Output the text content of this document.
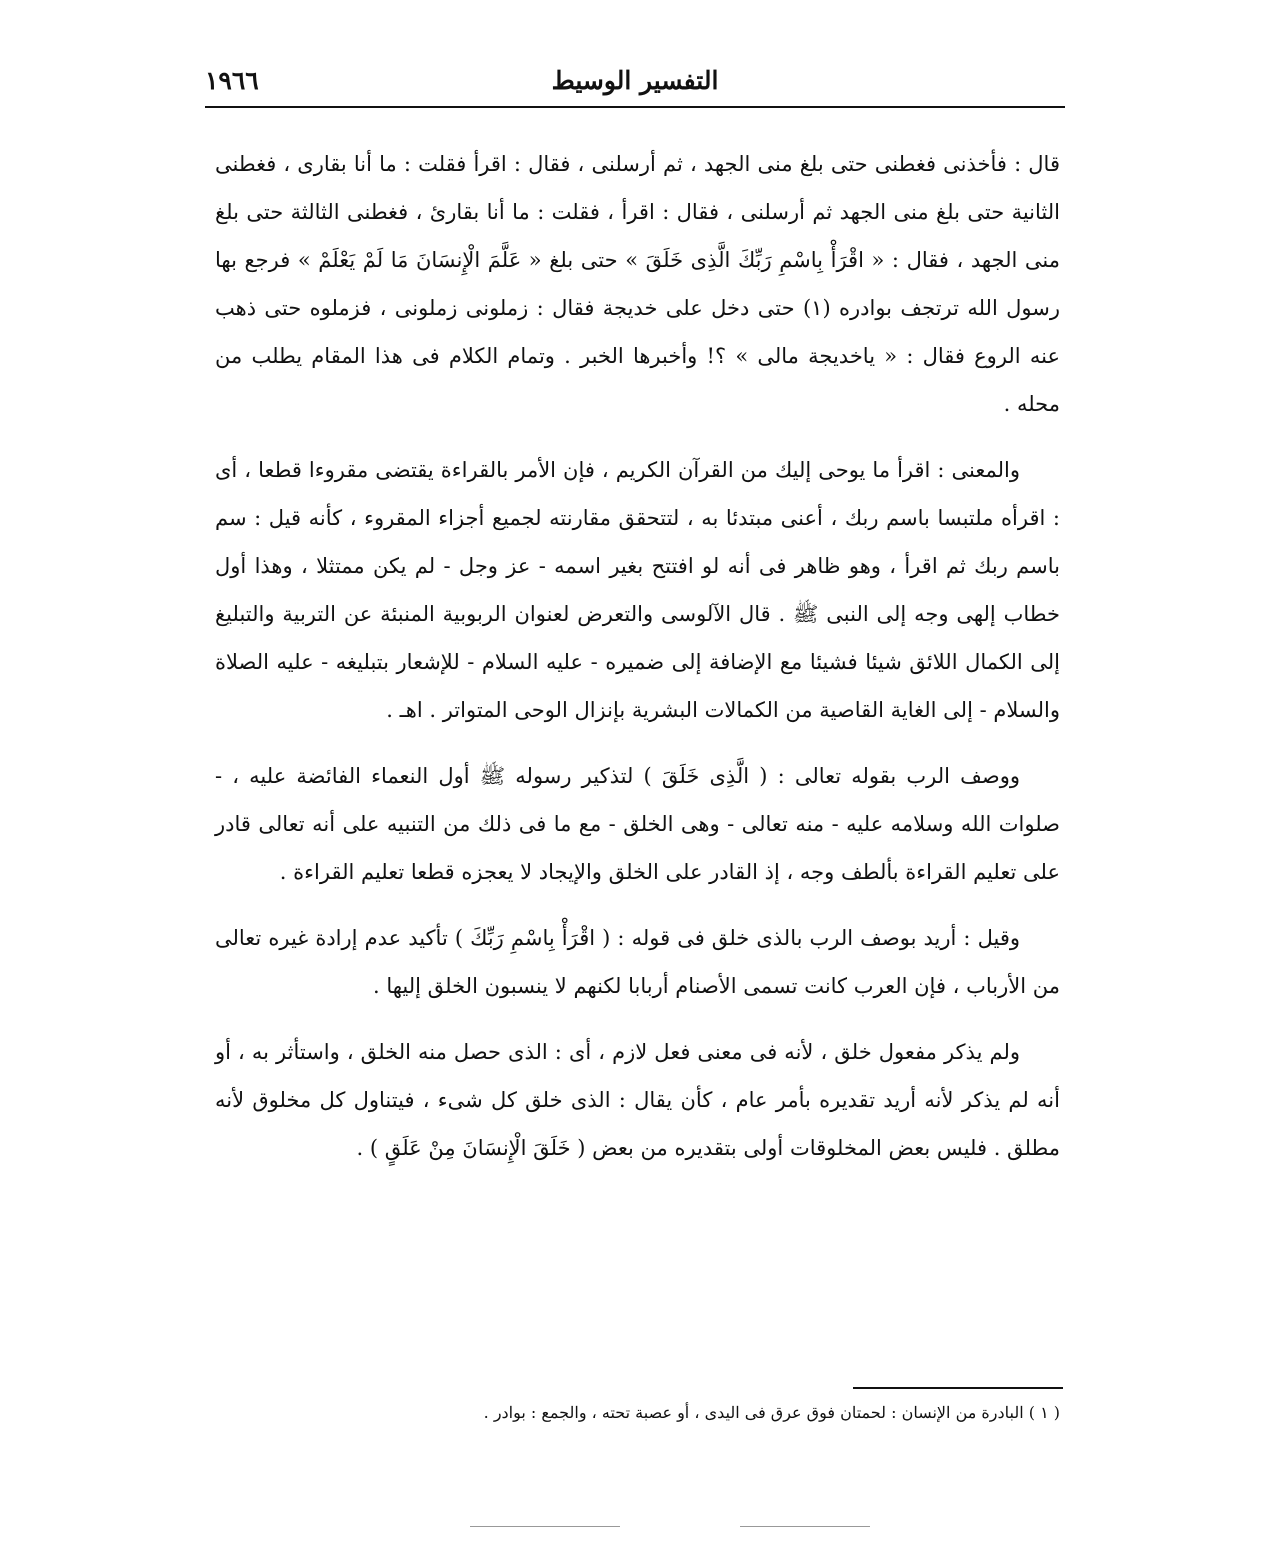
التفسير الوسيط
١٩٦٦

قال : فأخذنى فغطنى حتى بلغ منى الجهد ، ثم أرسلنى ، فقال : اقرأ فقلت : ما أنا بقارى ، فغطنى الثانية حتى بلغ منى الجهد ثم أرسلنى ، فقال : اقرأ ، فقلت : ما أنا بقارئ ، فغطنى الثالثة حتى بلغ منى الجهد ، فقال : « اقْرَأْ بِاسْمِ رَبِّكَ الَّذِى خَلَقَ » حتى بلغ « عَلَّمَ الْإِنسَانَ مَا لَمْ يَعْلَمْ » فرجع بها رسول الله ترتجف بوادره (١) حتى دخل على خديجة فقال : زملونى زملونى ، فزملوه حتى ذهب عنه الروع فقال : « ياخديجة مالى » ؟! وأخبرها الخبر . وتمام الكلام فى هذا المقام يطلب من محله .

والمعنى : اقرأ ما يوحى إليك من القرآن الكريم ، فإن الأمر بالقراءة يقتضى مقروءا قطعا ، أى : اقرأه ملتبسا باسم ربك ، أعنى مبتدئا به ، لتتحقق مقارنته لجميع أجزاء المقروء ، كأنه قيل : سم باسم ربك ثم اقرأ ، وهو ظاهر فى أنه لو افتتح بغير اسمه - عز وجل - لم يكن ممتثلا ، وهذا أول خطاب إلهى وجه إلى النبى ﷺ . قال الآلوسى والتعرض لعنوان الربوبية المنبئة عن التربية والتبليغ إلى الكمال اللائق شيئا فشيئا مع الإضافة إلى ضميره - عليه السلام - للإشعار بتبليغه - عليه الصلاة والسلام - إلى الغاية القاصية من الكمالات البشرية بإنزال الوحى المتواتر . اهـ .

ووصف الرب بقوله تعالى : ( الَّذِى خَلَقَ ) لتذكير رسوله ﷺ أول النعماء الفائضة عليه ، - صلوات الله وسلامه عليه - منه تعالى - وهى الخلق - مع ما فى ذلك من التنبيه على أنه تعالى قادر على تعليم القراءة بألطف وجه ، إذ القادر على الخلق والإيجاد لا يعجزه قطعا تعليم القراءة .

وقيل : أريد بوصف الرب بالذى خلق فى قوله : ( اقْرَأْ بِاسْمِ رَبِّكَ ) تأكيد عدم إرادة غيره تعالى من الأرباب ، فإن العرب كانت تسمى الأصنام أربابا لكنهم لا ينسبون الخلق إليها .

ولم يذكر مفعول خلق ، لأنه فى معنى فعل لازم ، أى : الذى حصل منه الخلق ، واستأثر به ، أو أنه لم يذكر لأنه أريد تقديره بأمر عام ، كأن يقال : الذى خلق كل شىء ، فيتناول كل مخلوق لأنه مطلق . فليس بعض المخلوقات أولى بتقديره من بعض ( خَلَقَ الْإِنسَانَ مِنْ عَلَقٍ ) .

( ١ ) البادرة من الإنسان : لحمتان فوق عرق فى اليدى ، أو عصبة تحته ، والجمع : بوادر .
